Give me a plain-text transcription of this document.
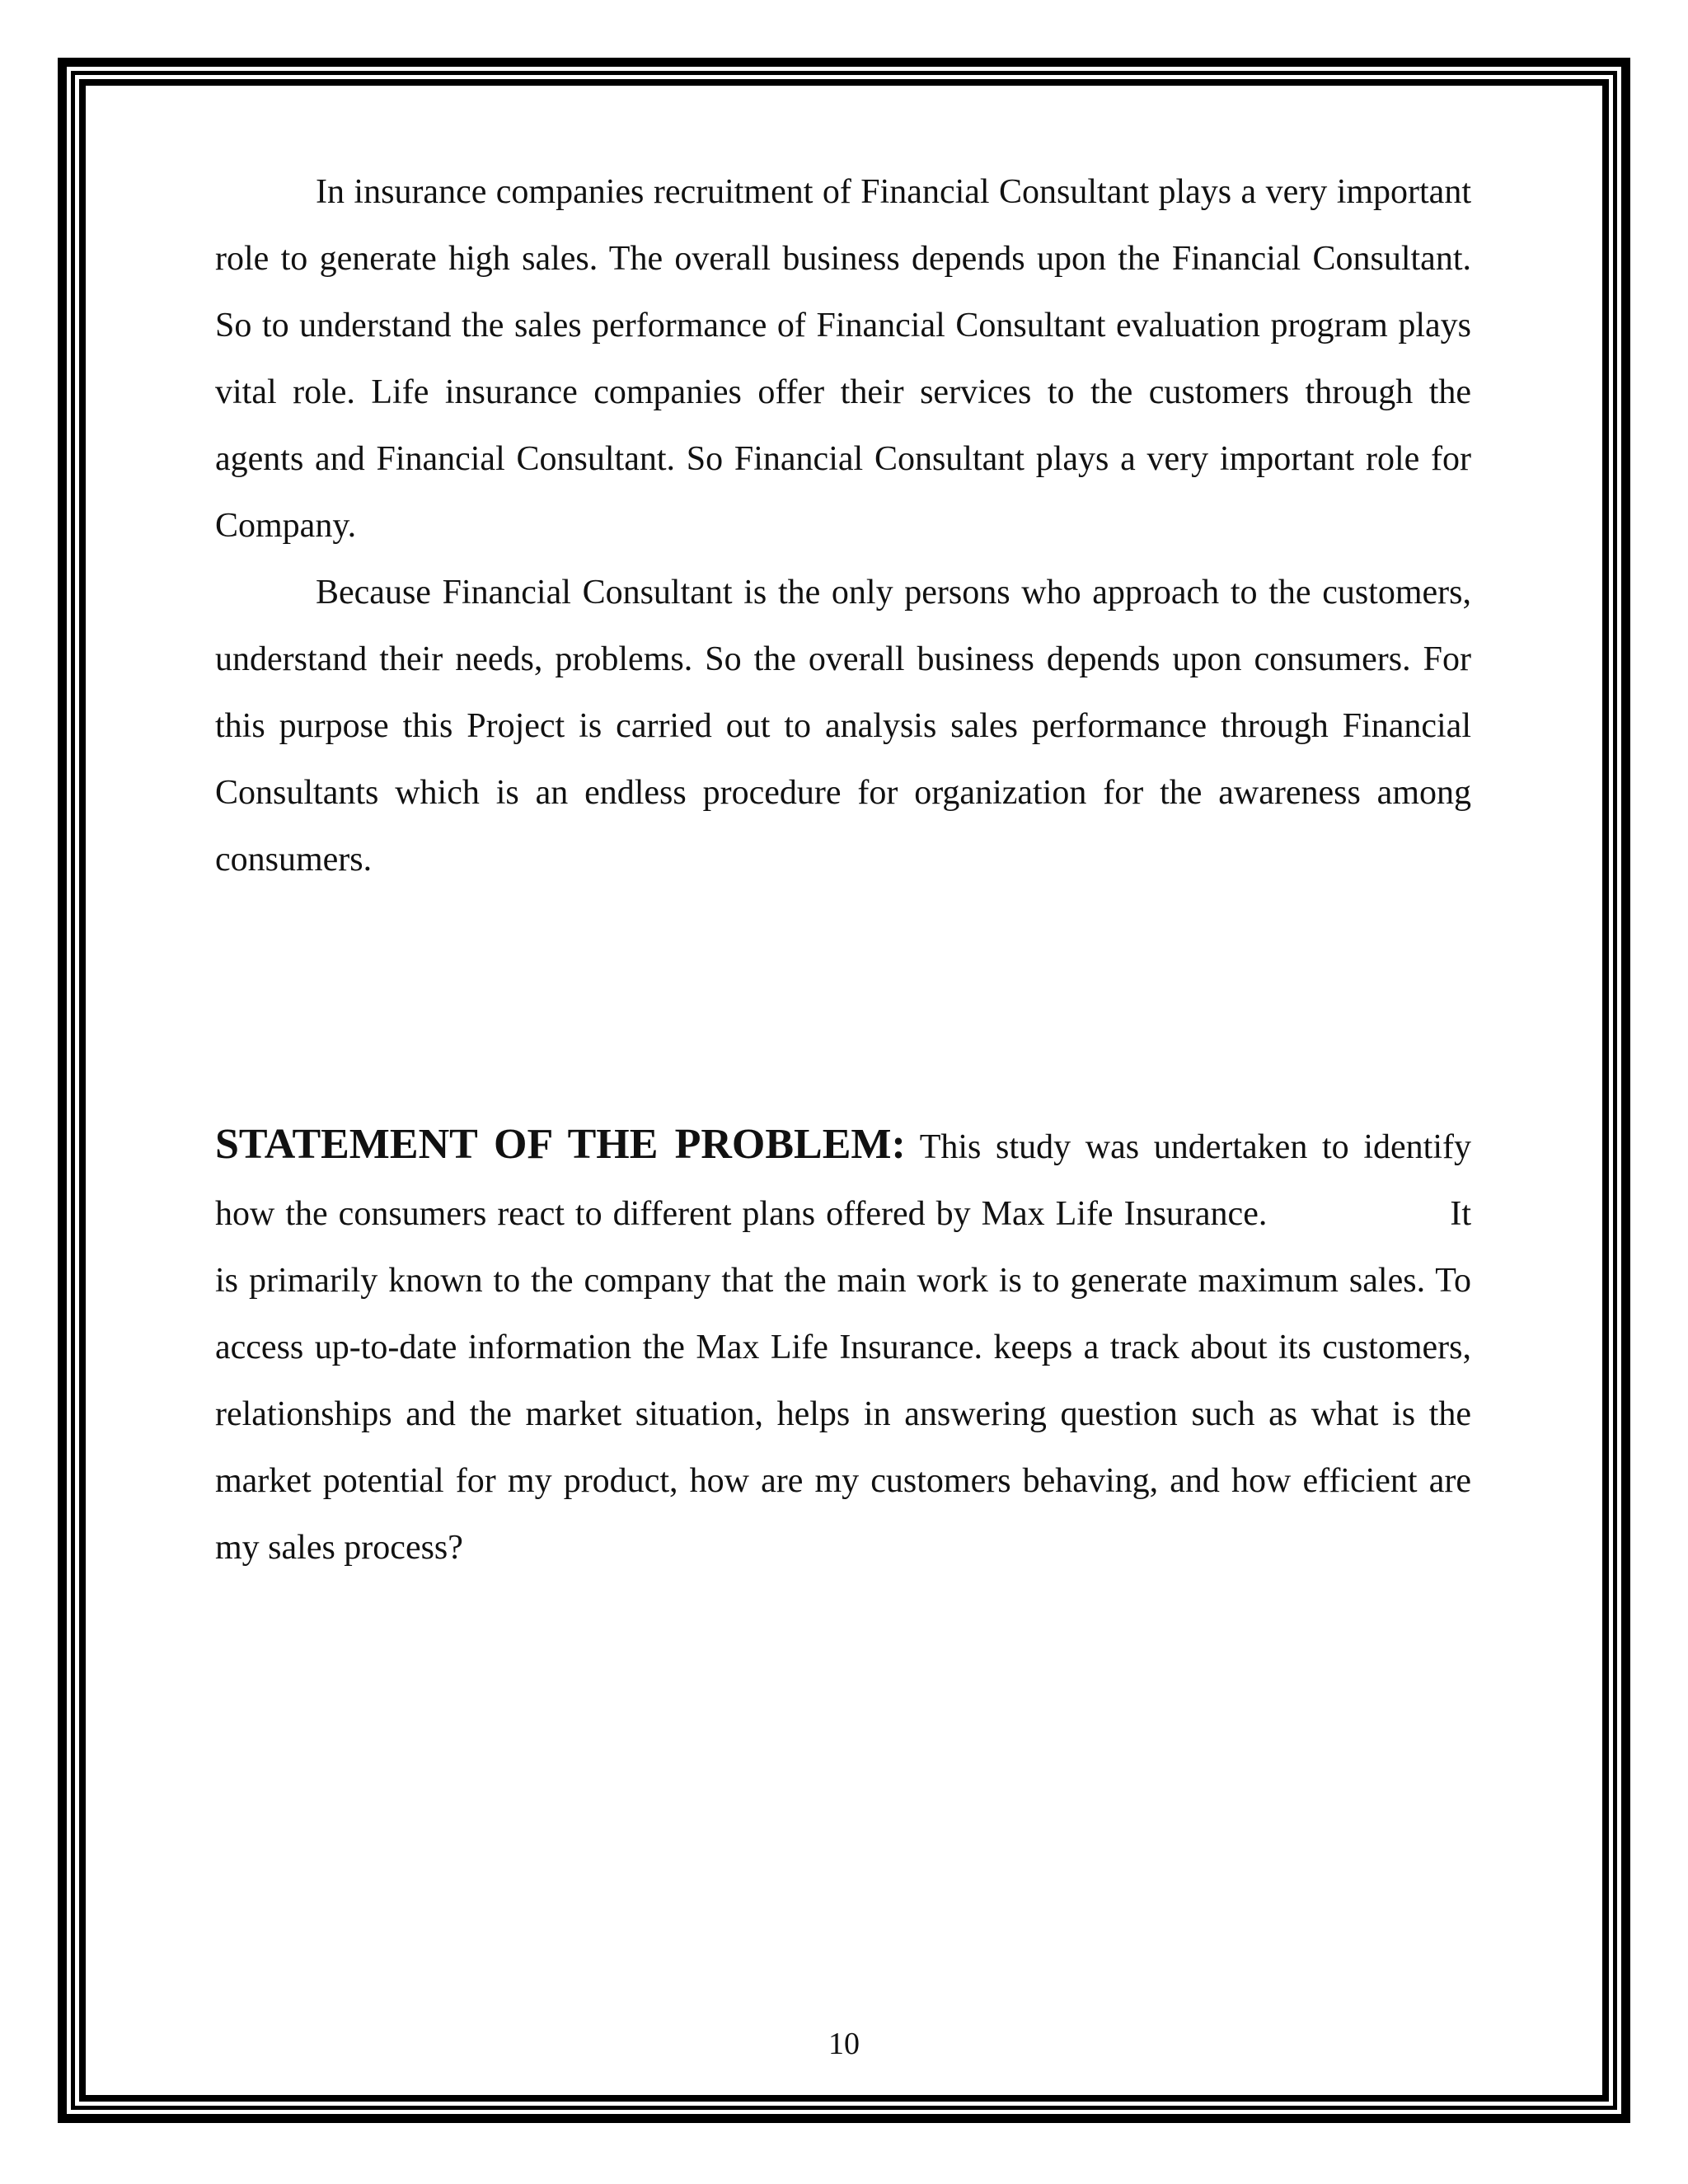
In insurance companies recruitment of Financial Consultant plays a very important role to generate high sales. The overall business depends upon the Financial Consultant. So to understand the sales performance of Financial Consultant evaluation program plays vital role. Life insurance companies offer their services to the customers through the agents and Financial Consultant. So Financial Consultant plays a very important role for Company.

Because Financial Consultant is the only persons who approach to the customers, understand their needs, problems. So the overall business depends upon consumers. For this purpose this Project is carried out to analysis sales performance through Financial Consultants which is an endless procedure for organization for the awareness among consumers.

STATEMENT OF THE PROBLEM: This study was undertaken to identify how the consumers react to different plans offered by Max Life Insurance.	It is primarily known to the company that the main work is to generate maximum sales. To access up-to-date information the Max Life Insurance. keeps a track about its customers, relationships and the market situation, helps in answering question such as what is the market potential for my product, how are my customers behaving, and how efficient are my sales process?

10
